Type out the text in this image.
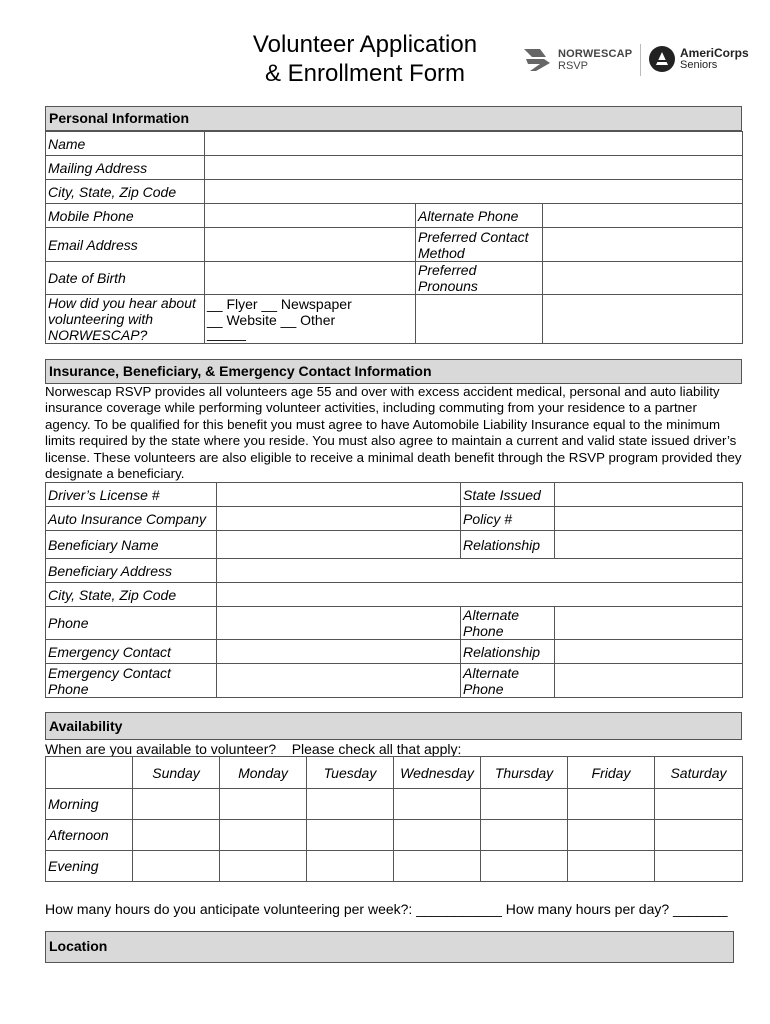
Volunteer Application
& Enrollment Form
NORWESCAP
RSVP
AmeriCorps
Seniors
Personal Information
Name			
Mailing Address			
City, State, Zip Code			
Mobile Phone		Alternate Phone	
Email Address		Preferred Contact Method	
Date of Birth		Preferred Pronouns	
How did you hear about volunteering with NORWESCAP?	__ Flyer __ Newspaper
__ Website __ Other
_____		

Insurance, Beneficiary, & Emergency Contact Information
Norwescap RSVP provides all volunteers age 55 and over with excess accident medical, personal and auto liability insurance coverage while performing volunteer activities, including commuting from your residence to a partner agency. To be qualified for this benefit you must agree to have Automobile Liability Insurance equal to the minimum limits required by the state where you reside. You must also agree to maintain a current and valid state issued driver’s license. These volunteers are also eligible to receive a minimal death benefit through the RSVP program provided they designate a beneficiary.
Driver’s License #		State Issued	
Auto Insurance Company		Policy #	
Beneficiary Name		Relationship	
Beneficiary Address			
City, State, Zip Code			
Phone		Alternate Phone	
Emergency Contact		Relationship	
Emergency Contact Phone		Alternate Phone	
Availability
When are you available to volunteer?    Please check all that apply:
	Sunday	Monday	Tuesday	Wednesday	Thursday	Friday	Saturday
Morning							
Afternoon							
Evening							
How many hours do you anticipate volunteering per week?: ___________ How many hours per day? _______
Location
